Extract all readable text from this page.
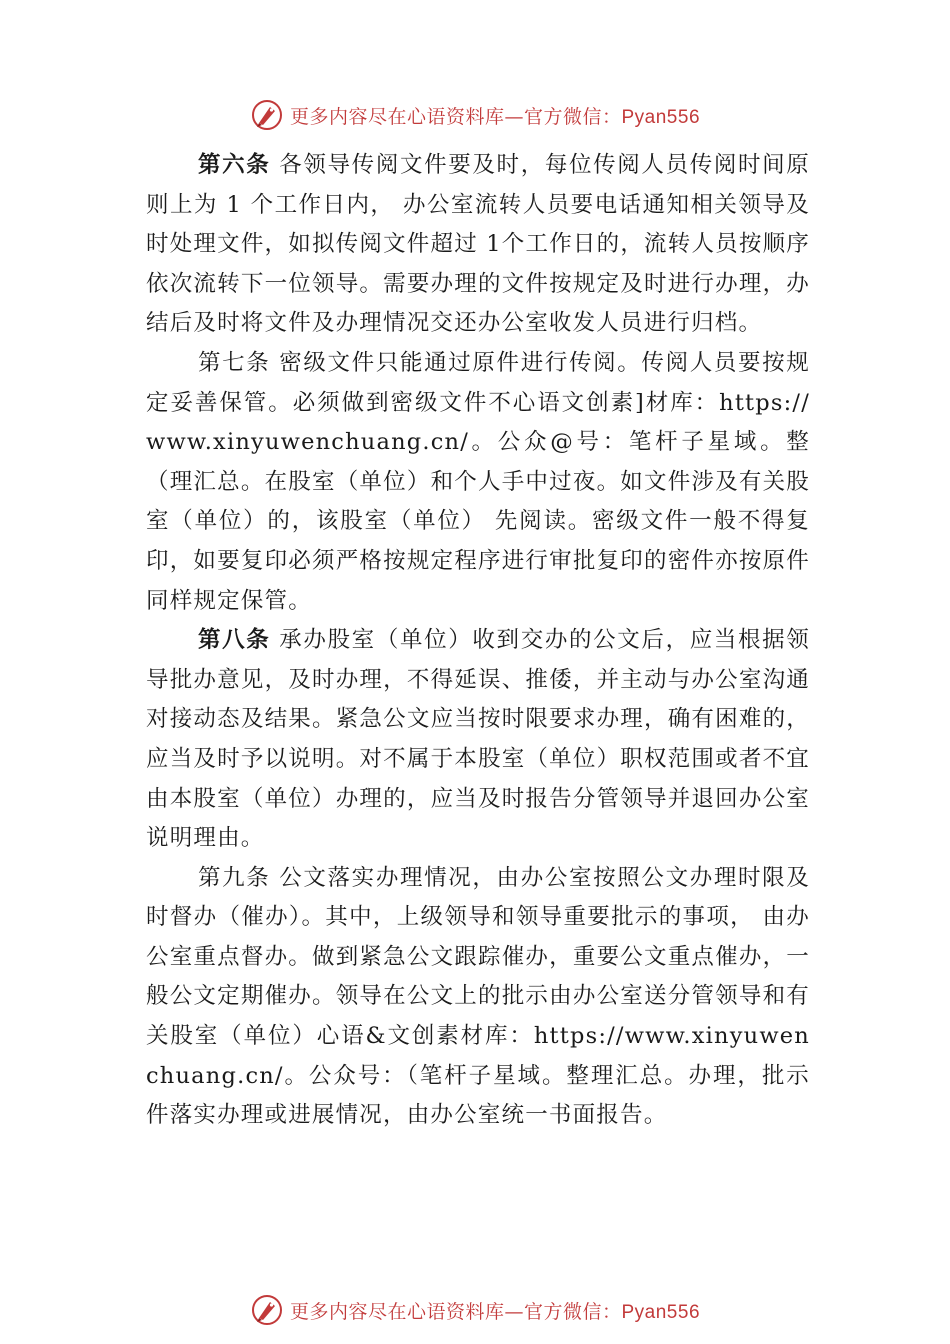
更多内容尽在心语资料库—官方微信：Pyan556

第六条 各领导传阅文件要及时，每位传阅人员传阅时间原则上为 1 个工作日内， 办公室流转人员要电话通知相关领导及时处理文件，如拟传阅文件超过 1个工作日的，流转人员按顺序依次流转下一位领导。需要办理的文件按规定及时进行办理，办结后及时将文件及办理情况交还办公室收发人员进行归档。

第七条 密级文件只能通过原件进行传阅。传阅人员要按规定妥善保管。必须做到密级文件不心语文创素]材库：https://www.xinyuwenchuang.cn/。公众@号：笔杆子星域。整（理汇总。在股室（单位）和个人手中过夜。如文件涉及有关股室（单位）的，该股室（单位） 先阅读。密级文件一般不得复印，如要复印必须严格按规定程序进行审批复印的密件亦按原件同样规定保管。

第八条 承办股室（单位）收到交办的公文后，应当根据领导批办意见，及时办理，不得延误、推倭，并主动与办公室沟通对接动态及结果。紧急公文应当按时限要求办理，确有困难的，应当及时予以说明。对不属于本股室（单位）职权范围或者不宜由本股室（单位）办理的，应当及时报告分管领导并退回办公室说明理由。

第九条 公文落实办理情况，由办公室按照公文办理时限及时督办（催办）。其中，上级领导和领导重要批示的事项， 由办公室重点督办。做到紧急公文跟踪催办，重要公文重点催办，一般公文定期催办。领导在公文上的批示由办公室送分管领导和有关股室（单位）心语&文创素材库：https://www.xinyuwenchuang.cn/。公众号：（笔杆子星域。整理汇总。办理，批示件落实办理或进展情况，由办公室统一书面报告。

更多内容尽在心语资料库—官方微信：Pyan556
